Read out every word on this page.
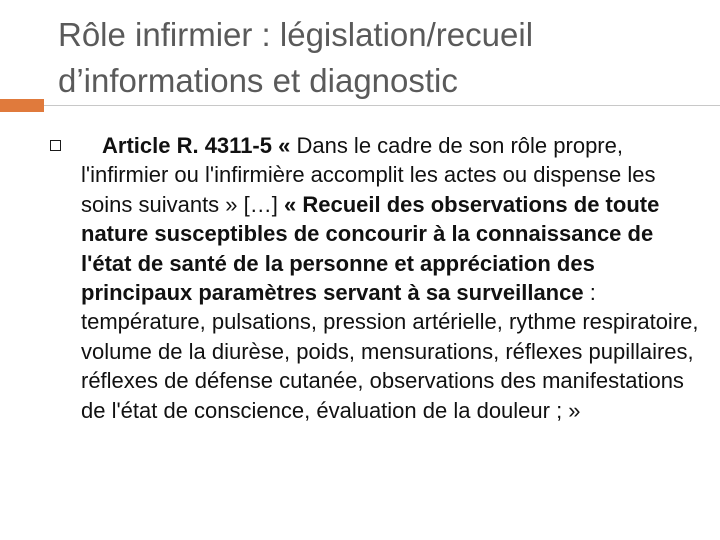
Rôle infirmier : législation/recueil
d’informations et diagnostic
Article R. 4311-5 « Dans le cadre de son rôle propre, l'infirmier ou l'infirmière accomplit les actes ou dispense les soins suivants » […] « Recueil des observations de toute nature susceptibles de concourir à la connaissance de l'état de santé de la personne et appréciation des principaux paramètres servant à sa surveillance : température, pulsations, pression artérielle, rythme respiratoire, volume de la diurèse, poids, mensurations, réflexes pupillaires, réflexes de défense cutanée, observations des manifestations de l'état de conscience, évaluation de la douleur ; »
